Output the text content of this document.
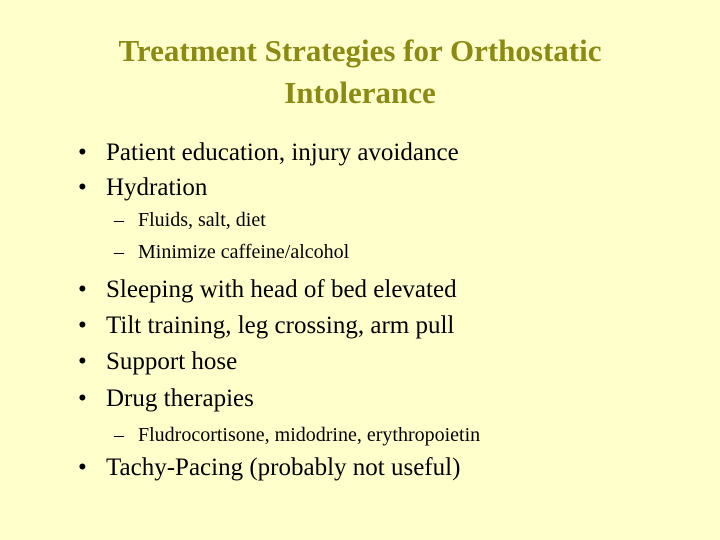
Treatment Strategies for Orthostatic
Intolerance
• Patient education, injury avoidance
• Hydration
– Fluids, salt, diet
– Minimize caffeine/alcohol
• Sleeping with head of bed elevated
• Tilt training, leg crossing, arm pull
• Support hose
• Drug therapies
– Fludrocortisone, midodrine, erythropoietin
• Tachy-Pacing (probably not useful)
